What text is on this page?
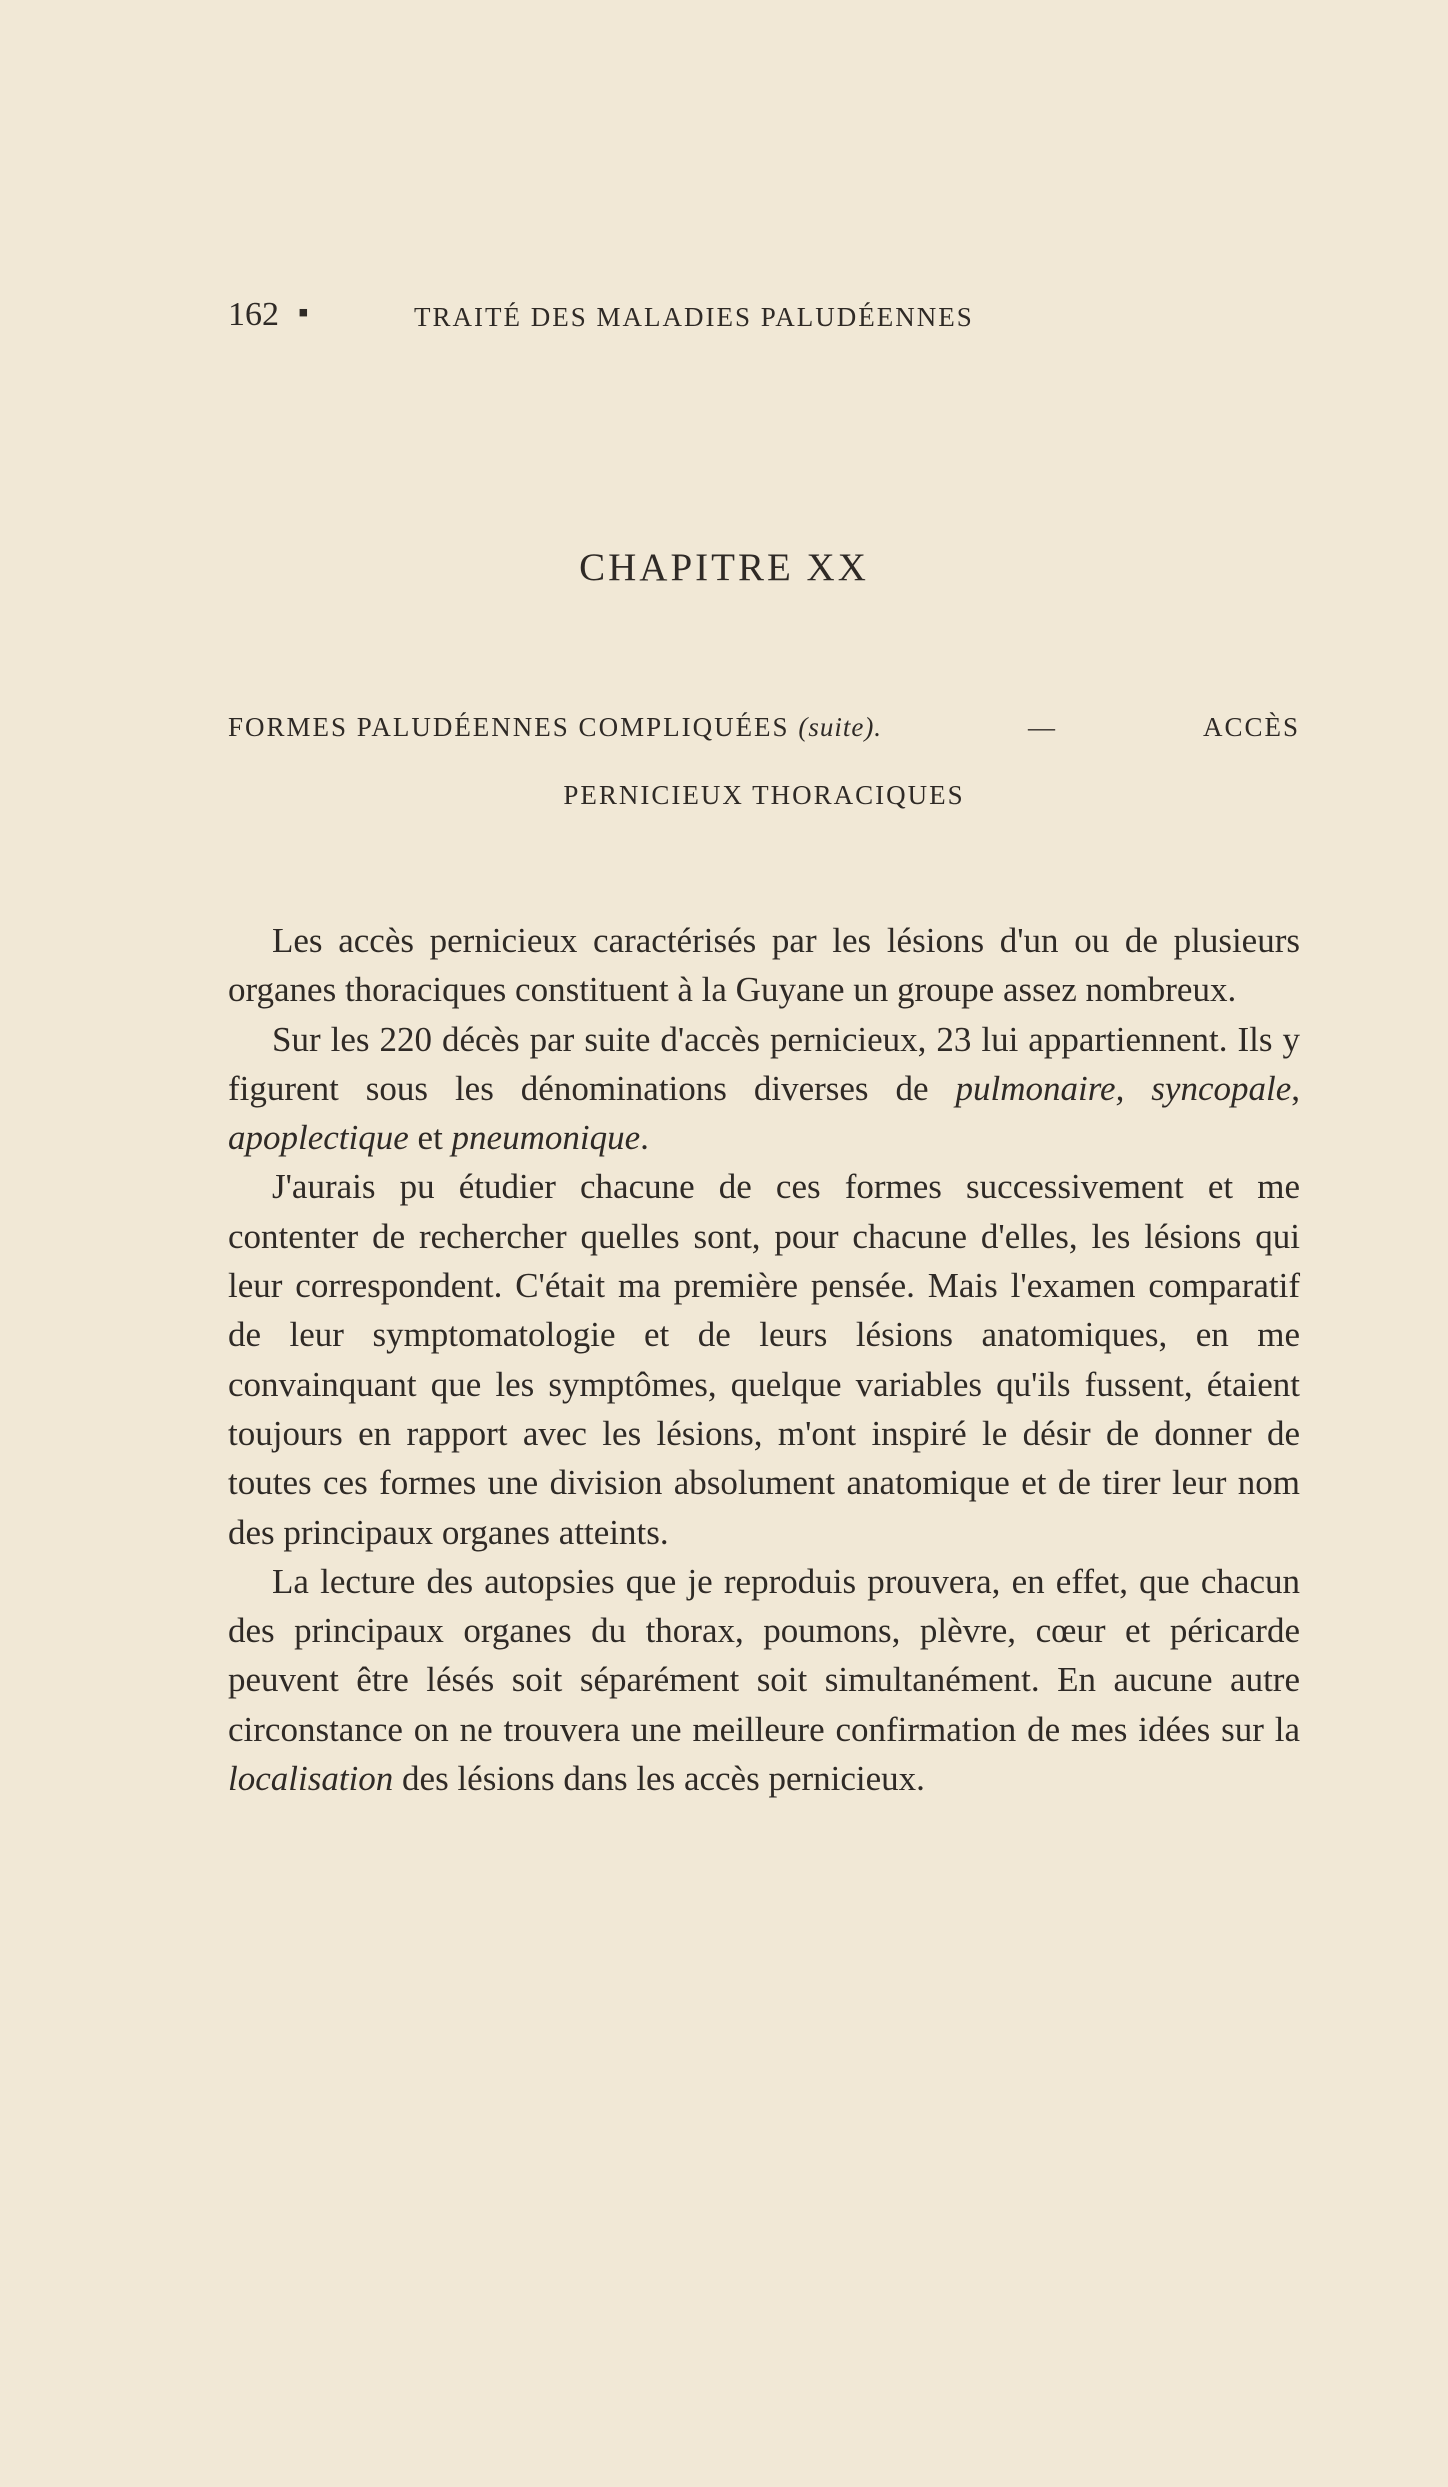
162 ▪	TRAITÉ DES MALADIES PALUDÉENNES
CHAPITRE XX
FORMES PALUDÉENNES COMPLIQUÉES (suite).	—	ACCÈS
PERNICIEUX THORACIQUES

Les accès pernicieux caractérisés par les lésions d'un ou de plusieurs organes thoraciques constituent à la Guyane un groupe assez nombreux.

Sur les 220 décès par suite d'accès pernicieux, 23 lui appartiennent. Ils y figurent sous les dénominations diverses de pulmonaire, syncopale, apoplectique et pneumonique.

J'aurais pu étudier chacune de ces formes successivement et me contenter de rechercher quelles sont, pour chacune d'elles, les lésions qui leur correspondent. C'était ma première pensée. Mais l'examen comparatif de leur symptomatologie et de leurs lésions anatomiques, en me convainquant que les symptômes, quelque variables qu'ils fussent, étaient toujours en rapport avec les lésions, m'ont inspiré le désir de donner de toutes ces formes une division absolument anatomique et de tirer leur nom des principaux organes atteints.

La lecture des autopsies que je reproduis prouvera, en effet, que chacun des principaux organes du thorax, poumons, plèvre, cœur et péricarde peuvent être lésés soit séparément soit simultanément. En aucune autre circonstance on ne trouvera une meilleure confirmation de mes idées sur la localisation des lésions dans les accès pernicieux.
